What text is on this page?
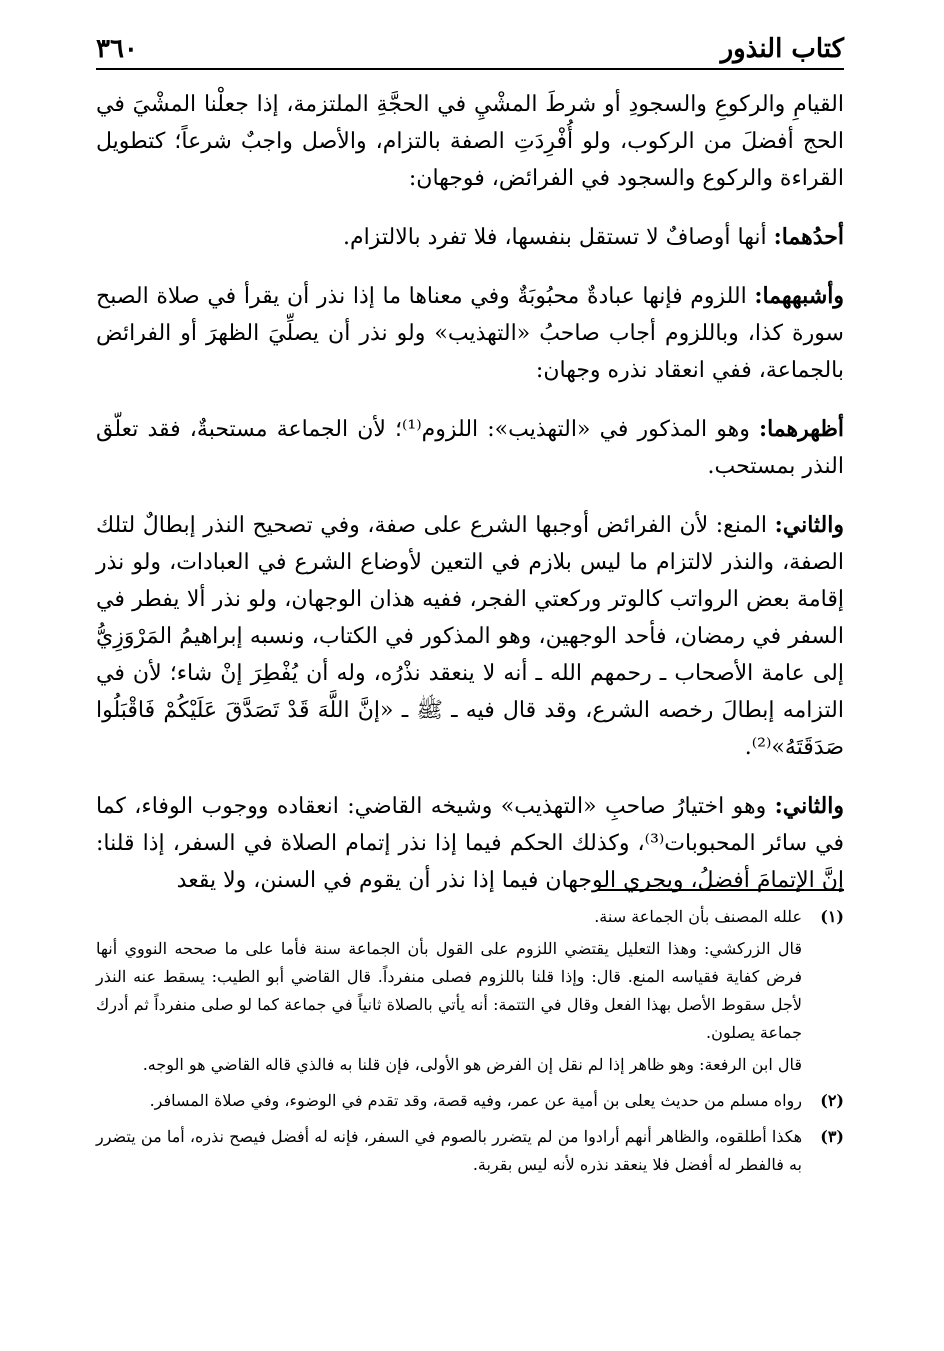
كتاب النذور
٣٦٠

القيامِ والركوعِ والسجودِ أو شرطَ المشْيِ في الحجَّةِ الملتزمة، إذا جعلْنا المشْيَ في الحج أفضلَ من الركوب، ولو أُفْرِدَتِ الصفة بالتزام، والأصل واجبٌ شرعاً؛ كتطويل القراءة والركوع والسجود في الفرائض، فوجهان:

أحدُهما: أنها أوصافٌ لا تستقل بنفسها، فلا تفرد بالالتزام.

وأشبههما: اللزوم فإنها عبادةٌ محبُوبَةٌ وفي معناها ما إذا نذر أن يقرأ في صلاة الصبح سورة كذا، وباللزوم أجاب صاحبُ «التهذيب» ولو نذر أن يصلِّيَ الظهرَ أو الفرائض بالجماعة، ففي انعقاد نذره وجهان:

أظهرهما: وهو المذكور في «التهذيب»: اللزوم⁽¹⁾؛ لأن الجماعة مستحبةٌ، فقد تعلّق النذر بمستحب.

والثاني: المنع: لأن الفرائض أوجبها الشرع على صفة، وفي تصحيح النذر إبطالٌ لتلك الصفة، والنذر لالتزام ما ليس بلازم في التعين لأوضاع الشرع في العبادات، ولو نذر إقامة بعض الرواتب كالوتر وركعتي الفجر، ففيه هذان الوجهان، ولو نذر ألا يفطر في السفر في رمضان، فأحد الوجهين، وهو المذكور في الكتاب، ونسبه إبراهيمُ المَرْوَزِيُّ إلى عامة الأصحاب ـ رحمهم الله ـ أنه لا ينعقد نذْرُه، وله أن يُفْطِرَ إنْ شاء؛ لأن في التزامه إبطالَ رخصه الشرع، وقد قال فيه ـ ﷺ ـ «إنَّ اللَّهَ قَدْ تَصَدَّقَ عَلَيْكُمْ فَاقْبَلُوا صَدَقَتَهُ»⁽²⁾.

والثاني: وهو اختيارُ صاحبِ «التهذيب» وشيخه القاضي: انعقاده ووجوب الوفاء، كما في سائر المحبوبات⁽³⁾، وكذلك الحكم فيما إذا نذر إتمام الصلاة في السفر، إذا قلنا: إنَّ الإتمامَ أفضلُ، ويجري الوجهان فيما إذا نذر أن يقوم في السنن، ولا يقعد

(١)

علله المصنف بأن الجماعة سنة.

قال الزركشي: وهذا التعليل يقتضي اللزوم على القول بأن الجماعة سنة فأما على ما صححه النووي أنها فرض كفاية فقياسه المنع. قال: وإذا قلنا باللزوم فصلى منفرداً. قال القاضي أبو الطيب: يسقط عنه النذر لأجل سقوط الأصل بهذا الفعل وقال في التتمة: أنه يأتي بالصلاة ثانياً في جماعة كما لو صلى منفرداً ثم أدرك جماعة يصلون.

قال ابن الرفعة: وهو ظاهر إذا لم نقل إن الفرض هو الأولى، فإن قلنا به فالذي قاله القاضي هو الوجه.

(٢)

رواه مسلم من حديث يعلى بن أمية عن عمر، وفيه قصة، وقد تقدم في الوضوء، وفي صلاة المسافر.

(٣)

هكذا أطلقوه، والظاهر أنهم أرادوا من لم يتضرر بالصوم في السفر، فإنه له أفضل فيصح نذره، أما من يتضرر به فالفطر له أفضل فلا ينعقد نذره لأنه ليس بقربة.
